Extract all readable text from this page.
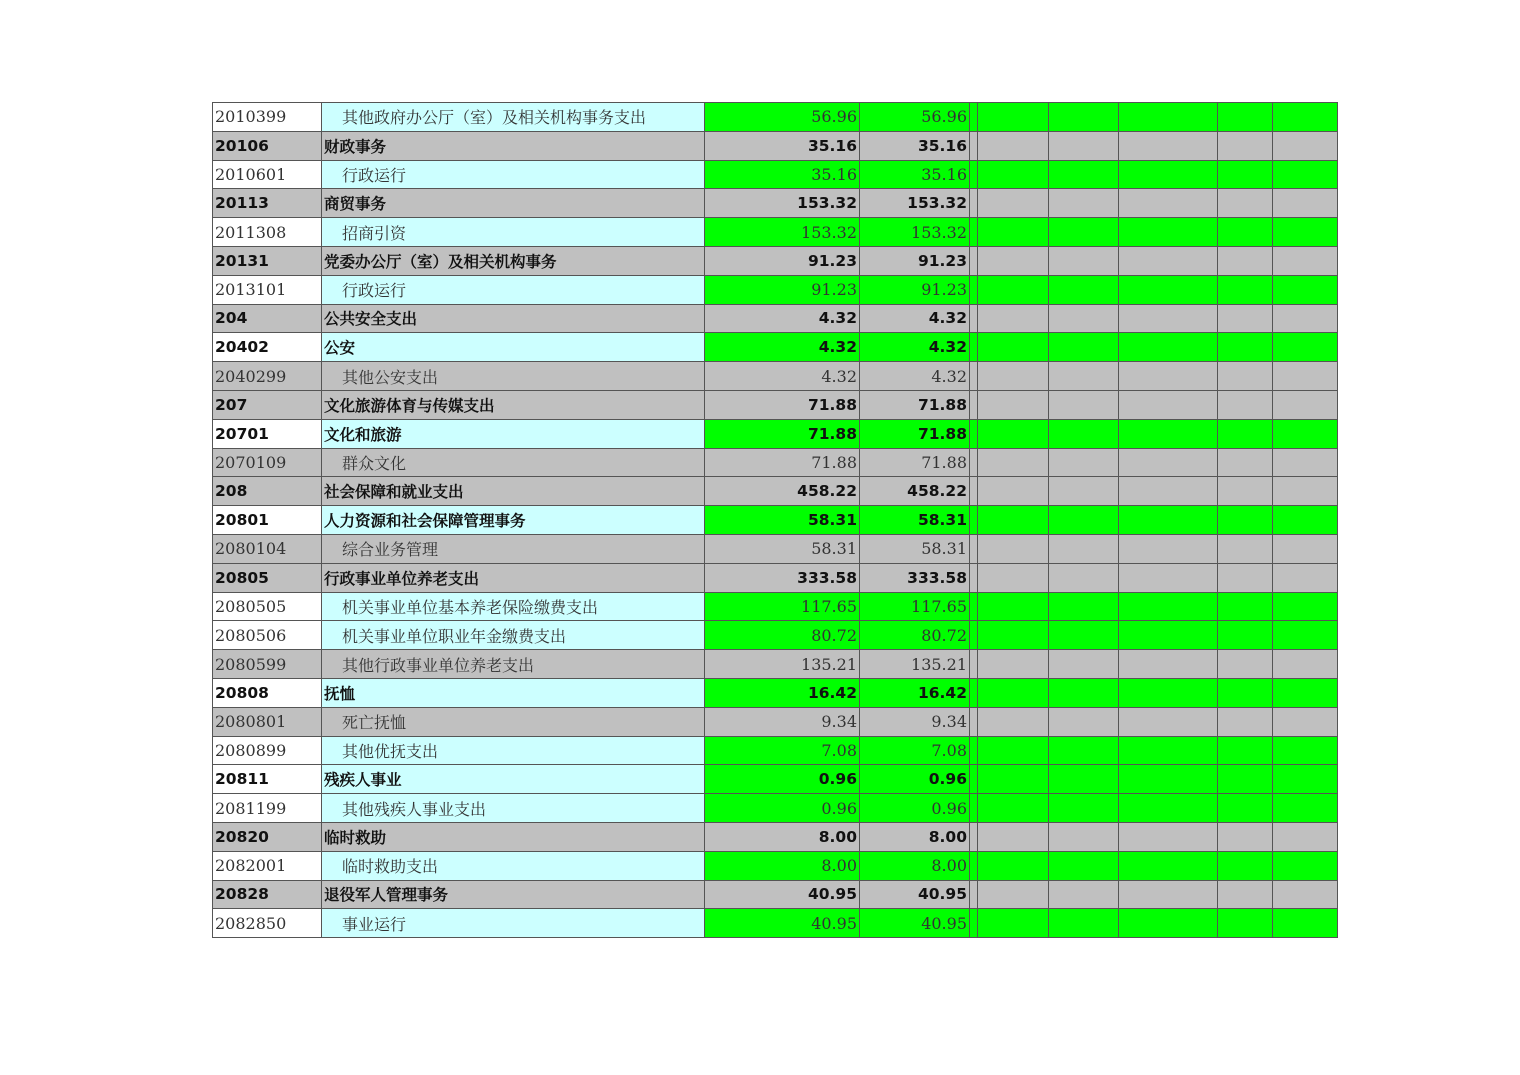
2010399	其他政府办公厅（室）及相关机构事务支出	56.96	56.96						
20106	财政事务	35.16	35.16						
2010601	行政运行	35.16	35.16						
20113	商贸事务	153.32	153.32						
2011308	招商引资	153.32	153.32						
20131	党委办公厅（室）及相关机构事务	91.23	91.23						
2013101	行政运行	91.23	91.23						
204	公共安全支出	4.32	4.32						
20402	公安	4.32	4.32						
2040299	其他公安支出	4.32	4.32						
207	文化旅游体育与传媒支出	71.88	71.88						
20701	文化和旅游	71.88	71.88						
2070109	群众文化	71.88	71.88						
208	社会保障和就业支出	458.22	458.22						
20801	人力资源和社会保障管理事务	58.31	58.31						
2080104	综合业务管理	58.31	58.31						
20805	行政事业单位养老支出	333.58	333.58						
2080505	机关事业单位基本养老保险缴费支出	117.65	117.65						
2080506	机关事业单位职业年金缴费支出	80.72	80.72						
2080599	其他行政事业单位养老支出	135.21	135.21						
20808	抚恤	16.42	16.42						
2080801	死亡抚恤	9.34	9.34						
2080899	其他优抚支出	7.08	7.08						
20811	残疾人事业	0.96	0.96						
2081199	其他残疾人事业支出	0.96	0.96						
20820	临时救助	8.00	8.00						
2082001	临时救助支出	8.00	8.00						
20828	退役军人管理事务	40.95	40.95						
2082850	事业运行	40.95	40.95						
